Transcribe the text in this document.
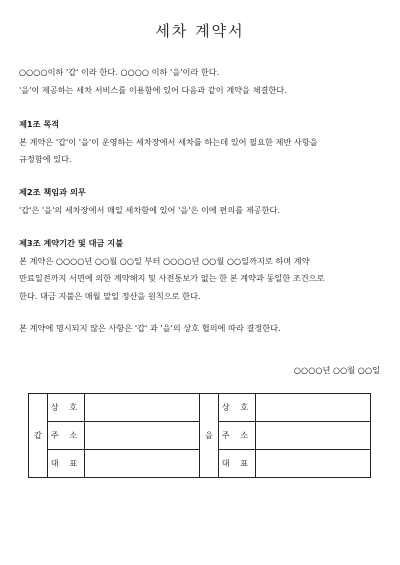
세차 계약서
○○○○이하 '갑' 이라 한다. ○○○○ 이하 '을'이라 한다.
'을'이 제공하는 세차 서비스를 이용함에 있어 다음과 같이 계약을 체결한다.
제1조 목적
본 계약은 '갑'이 '을'이 운영하는 세차장에서 세차를 하는데 있어 필요한 제반 사항을
규정함에 있다.
제2조 책임과 의무
'갑'은 '을'의 세차장에서 매일 세차함에 있어 '을'은 이에 편의를 제공한다.
제3조 계약기간 및 대금 지불
본 계약은 ○○○○년 ○○월 ○○일 부터 ○○○○년 ○○월 ○○일까지로 하며 계약
만료일전까지 서면에 의한 계약해지 및 사전통보가 없는 한 본 계약과 동일한 조건으로
한다. 대금 지불은 매월 말일 정산을 원칙으로 한다.
본 계약에 명시되지 않은 사항은 '갑' 과 '을'의 상호 협의에 따라 결정한다.
○○○○년 ○○월 ○○일
갑	상 호		을	상 호	
	주 소			주 소	
	대 표			대 표	
